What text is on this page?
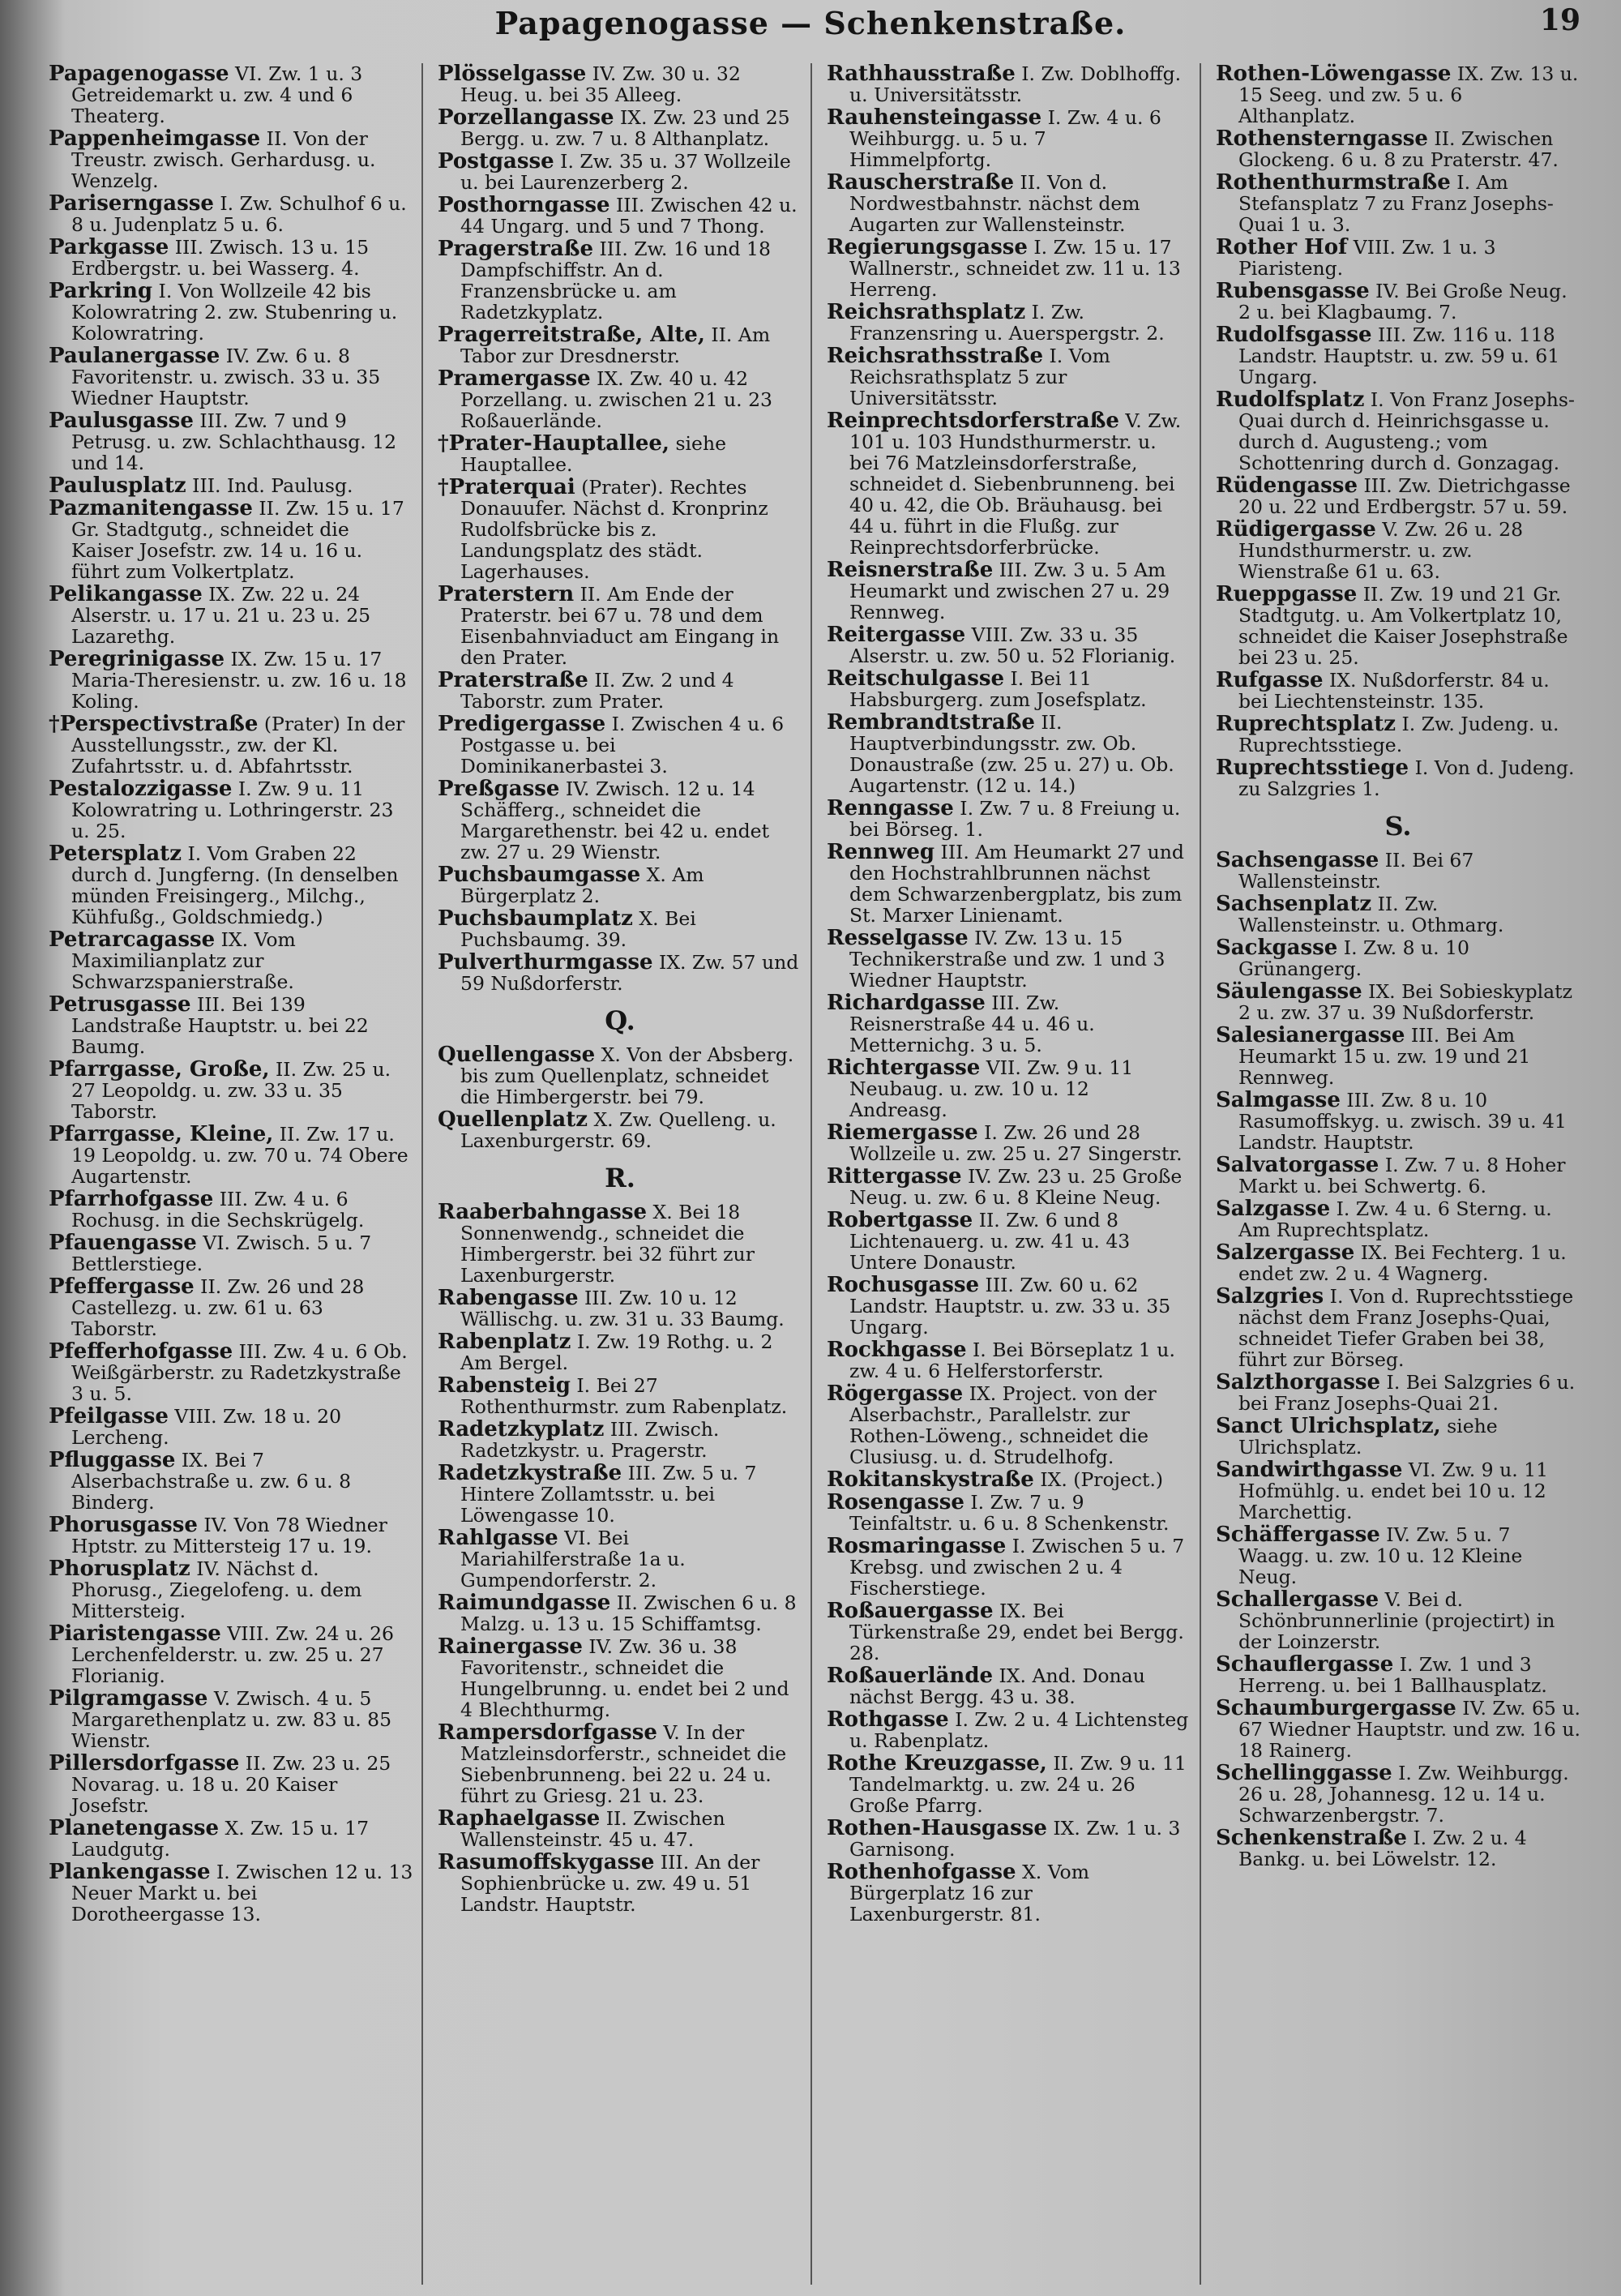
Papagenogasse — Schenkenstraße.	19
Papagenogasse VI. Zw. 1 u. 3 Getreidemarkt u. zw. 4 und 6 Theaterg.
Pappenheimgasse II. Von der Treustr. zwisch. Gerhardusg. u. Wenzelg.
Pariserngasse I. Zw. Schulhof 6 u. 8 u. Judenplatz 5 u. 6.
Parkgasse III. Zwisch. 13 u. 15 Erdbergstr. u. bei Wasserg. 4.
Parkring I. Von Wollzeile 42 bis Kolowratring 2. zw. Stubenring u. Kolowratring.
Paulanergasse IV. Zw. 6 u. 8 Favoritenstr. u. zwisch. 33 u. 35 Wiedner Hauptstr.
Paulusgasse III. Zw. 7 und 9 Petrusg. u. zw. Schlachthausg. 12 und 14.
Paulusplatz III. Ind. Paulusg.
Pazmanitengasse II. Zw. 15 u. 17 Gr. Stadtgutg., schneidet die Kaiser Josefstr. zw. 14 u. 16 u. führt zum Volkertplatz.
Pelikangasse IX. Zw. 22 u. 24 Alserstr. u. 17 u. 21 u. 23 u. 25 Lazarethg.
Peregrinigasse IX. Zw. 15 u. 17 Maria-Theresienstr. u. zw. 16 u. 18 Koling.
†Perspectivstraße (Prater) In der Ausstellungsstr., zw. der Kl. Zufahrtsstr. u. d. Abfahrtsstr.
Pestalozzigasse I. Zw. 9 u. 11 Kolowratring u. Lothringerstr. 23 u. 25.
Petersplatz I. Vom Graben 22 durch d. Jungferng. (In denselben münden Freisingerg., Milchg., Kühfußg., Goldschmiedg.)
Petrarcagasse IX. Vom Maximilianplatz zur Schwarzspanierstraße.
Petrusgasse III. Bei 139 Landstraße Hauptstr. u. bei 22 Baumg.
Pfarrgasse, Große, II. Zw. 25 u. 27 Leopoldg. u. zw. 33 u. 35 Taborstr.
Pfarrgasse, Kleine, II. Zw. 17 u. 19 Leopoldg. u. zw. 70 u. 74 Obere Augartenstr.
Pfarrhofgasse III. Zw. 4 u. 6 Rochusg. in die Sechskrügelg.
Pfauengasse VI. Zwisch. 5 u. 7 Bettlerstiege.
Pfeffergasse II. Zw. 26 und 28 Castellezg. u. zw. 61 u. 63 Taborstr.
Pfefferhofgasse III. Zw. 4 u. 6 Ob. Weißgärberstr. zu Radetzkystraße 3 u. 5.
Pfeilgasse VIII. Zw. 18 u. 20 Lercheng.
Pfluggasse IX. Bei 7 Alserbachstraße u. zw. 6 u. 8 Binderg.
Phorusgasse IV. Von 78 Wiedner Hptstr. zu Mittersteig 17 u. 19.
Phorusplatz IV. Nächst d. Phorusg., Ziegelofeng. u. dem Mittersteig.
Piaristengasse VIII. Zw. 24 u. 26 Lerchenfelderstr. u. zw. 25 u. 27 Florianig.
Pilgramgasse V. Zwisch. 4 u. 5 Margarethenplatz u. zw. 83 u. 85 Wienstr.
Pillersdorfgasse II. Zw. 23 u. 25 Novarag. u. 18 u. 20 Kaiser Josefstr.
Planetengasse X. Zw. 15 u. 17 Laudgutg.
Plankengasse I. Zwischen 12 u. 13 Neuer Markt u. bei Dorotheergasse 13.
Plösselgasse IV. Zw. 30 u. 32 Heug. u. bei 35 Alleeg.
Porzellangasse IX. Zw. 23 und 25 Bergg. u. zw. 7 u. 8 Althanplatz.
Postgasse I. Zw. 35 u. 37 Wollzeile u. bei Laurenzerberg 2.
Posthorngasse III. Zwischen 42 u. 44 Ungarg. und 5 und 7 Thong.
Pragerstraße III. Zw. 16 und 18 Dampfschiffstr. An d. Franzensbrücke u. am Radetzkyplatz.
Pragerreitstraße, Alte, II. Am Tabor zur Dresdnerstr.
Pramergasse IX. Zw. 40 u. 42 Porzellang. u. zwischen 21 u. 23 Roßauerlände.
†Prater-Hauptallee, siehe Hauptallee.
†Praterquai (Prater). Rechtes Donauufer. Nächst d. Kronprinz Rudolfsbrücke bis z. Landungsplatz des städt. Lagerhauses.
Praterstern II. Am Ende der Praterstr. bei 67 u. 78 und dem Eisenbahnviaduct am Eingang in den Prater.
Praterstraße II. Zw. 2 und 4 Taborstr. zum Prater.
Predigergasse I. Zwischen 4 u. 6 Postgasse u. bei Dominikanerbastei 3.
Preßgasse IV. Zwisch. 12 u. 14 Schäfferg., schneidet die Margarethenstr. bei 42 u. endet zw. 27 u. 29 Wienstr.
Puchsbaumgasse X. Am Bürgerplatz 2.
Puchsbaumplatz X. Bei Puchsbaumg. 39.
Pulverthurmgasse IX. Zw. 57 und 59 Nußdorferstr.
Q.
Quellengasse X. Von der Absberg. bis zum Quellenplatz, schneidet die Himbergerstr. bei 79.
Quellenplatz X. Zw. Quelleng. u. Laxenburgerstr. 69.
R.
Raaberbahngasse X. Bei 18 Sonnenwendg., schneidet die Himbergerstr. bei 32 führt zur Laxenburgerstr.
Rabengasse III. Zw. 10 u. 12 Wällischg. u. zw. 31 u. 33 Baumg.
Rabenplatz I. Zw. 19 Rothg. u. 2 Am Bergel.
Rabensteig I. Bei 27 Rothenthurmstr. zum Rabenplatz.
Radetzkyplatz III. Zwisch. Radetzkystr. u. Pragerstr.
Radetzkystraße III. Zw. 5 u. 7 Hintere Zollamtsstr. u. bei Löwengasse 10.
Rahlgasse VI. Bei Mariahilferstraße 1a u. Gumpendorferstr. 2.
Raimundgasse II. Zwischen 6 u. 8 Malzg. u. 13 u. 15 Schiffamtsg.
Rainergasse IV. Zw. 36 u. 38 Favoritenstr., schneidet die Hungelbrunng. u. endet bei 2 und 4 Blechthurmg.
Rampersdorfgasse V. In der Matzleinsdorferstr., schneidet die Siebenbrunneng. bei 22 u. 24 u. führt zu Griesg. 21 u. 23.
Raphaelgasse II. Zwischen Wallensteinstr. 45 u. 47.
Rasumoffskygasse III. An der Sophienbrücke u. zw. 49 u. 51 Landstr. Hauptstr.
Rathhausstraße I. Zw. Doblhoffg. u. Universitätsstr.
Rauhensteingasse I. Zw. 4 u. 6 Weihburgg. u. 5 u. 7 Himmelpfortg.
Rauscherstraße II. Von d. Nordwestbahnstr. nächst dem Augarten zur Wallensteinstr.
Regierungsgasse I. Zw. 15 u. 17 Wallnerstr., schneidet zw. 11 u. 13 Herreng.
Reichsrathsplatz I. Zw. Franzensring u. Auerspergstr. 2.
Reichsrathsstraße I. Vom Reichsrathsplatz 5 zur Universitätsstr.
Reinprechtsdorferstraße V. Zw. 101 u. 103 Hundsthurmerstr. u. bei 76 Matzleinsdorferstraße, schneidet d. Siebenbrunneng. bei 40 u. 42, die Ob. Bräuhausg. bei 44 u. führt in die Flußg. zur Reinprechtsdorferbrücke.
Reisnerstraße III. Zw. 3 u. 5 Am Heumarkt und zwischen 27 u. 29 Rennweg.
Reitergasse VIII. Zw. 33 u. 35 Alserstr. u. zw. 50 u. 52 Florianig.
Reitschulgasse I. Bei 11 Habsburgerg. zum Josefsplatz.
Rembrandtstraße II. Hauptverbindungsstr. zw. Ob. Donaustraße (zw. 25 u. 27) u. Ob. Augartenstr. (12 u. 14.)
Renngasse I. Zw. 7 u. 8 Freiung u. bei Börseg. 1.
Rennweg III. Am Heumarkt 27 und den Hochstrahlbrunnen nächst dem Schwarzenbergplatz, bis zum St. Marxer Linienamt.
Resselgasse IV. Zw. 13 u. 15 Technikerstraße und zw. 1 und 3 Wiedner Hauptstr.
Richardgasse III. Zw. Reisnerstraße 44 u. 46 u. Metternichg. 3 u. 5.
Richtergasse VII. Zw. 9 u. 11 Neubaug. u. zw. 10 u. 12 Andreasg.
Riemergasse I. Zw. 26 und 28 Wollzeile u. zw. 25 u. 27 Singerstr.
Rittergasse IV. Zw. 23 u. 25 Große Neug. u. zw. 6 u. 8 Kleine Neug.
Robertgasse II. Zw. 6 und 8 Lichtenauerg. u. zw. 41 u. 43 Untere Donaustr.
Rochusgasse III. Zw. 60 u. 62 Landstr. Hauptstr. u. zw. 33 u. 35 Ungarg.
Rockhgasse I. Bei Börseplatz 1 u. zw. 4 u. 6 Helferstorferstr.
Rögergasse IX. Project. von der Alserbachstr., Parallelstr. zur Rothen-Löweng., schneidet die Clusiusg. u. d. Strudelhofg.
Rokitanskystraße IX. (Project.)
Rosengasse I. Zw. 7 u. 9 Teinfaltstr. u. 6 u. 8 Schenkenstr.
Rosmaringasse I. Zwischen 5 u. 7 Krebsg. und zwischen 2 u. 4 Fischerstiege.
Roßauergasse IX. Bei Türkenstraße 29, endet bei Bergg. 28.
Roßauerlände IX. And. Donau nächst Bergg. 43 u. 38.
Rothgasse I. Zw. 2 u. 4 Lichtensteg u. Rabenplatz.
Rothe Kreuzgasse, II. Zw. 9 u. 11 Tandelmarktg. u. zw. 24 u. 26 Große Pfarrg.
Rothen-Hausgasse IX. Zw. 1 u. 3 Garnisong.
Rothenhofgasse X. Vom Bürgerplatz 16 zur Laxenburgerstr. 81.
Rothen-Löwengasse IX. Zw. 13 u. 15 Seeg. und zw. 5 u. 6 Althanplatz.
Rothensterngasse II. Zwischen Glockeng. 6 u. 8 zu Praterstr. 47.
Rothenthurmstraße I. Am Stefansplatz 7 zu Franz Josephs-Quai 1 u. 3.
Rother Hof VIII. Zw. 1 u. 3 Piaristeng.
Rubensgasse IV. Bei Große Neug. 2 u. bei Klagbaumg. 7.
Rudolfsgasse III. Zw. 116 u. 118 Landstr. Hauptstr. u. zw. 59 u. 61 Ungarg.
Rudolfsplatz I. Von Franz Josephs-Quai durch d. Heinrichsgasse u. durch d. Augusteng.; vom Schottenring durch d. Gonzagag.
Rüdengasse III. Zw. Dietrichgasse 20 u. 22 und Erdbergstr. 57 u. 59.
Rüdigergasse V. Zw. 26 u. 28 Hundsthurmerstr. u. zw. Wienstraße 61 u. 63.
Rueppgasse II. Zw. 19 und 21 Gr. Stadtgutg. u. Am Volkertplatz 10, schneidet die Kaiser Josephstraße bei 23 u. 25.
Rufgasse IX. Nußdorferstr. 84 u. bei Liechtensteinstr. 135.
Ruprechtsplatz I. Zw. Judeng. u. Ruprechtsstiege.
Ruprechtsstiege I. Von d. Judeng. zu Salzgries 1.
S.
Sachsengasse II. Bei 67 Wallensteinstr.
Sachsenplatz II. Zw. Wallensteinstr. u. Othmarg.
Sackgasse I. Zw. 8 u. 10 Grünangerg.
Säulengasse IX. Bei Sobieskyplatz 2 u. zw. 37 u. 39 Nußdorferstr.
Salesianergasse III. Bei Am Heumarkt 15 u. zw. 19 und 21 Rennweg.
Salmgasse III. Zw. 8 u. 10 Rasumoffskyg. u. zwisch. 39 u. 41 Landstr. Hauptstr.
Salvatorgasse I. Zw. 7 u. 8 Hoher Markt u. bei Schwertg. 6.
Salzgasse I. Zw. 4 u. 6 Sterng. u. Am Ruprechtsplatz.
Salzergasse IX. Bei Fechterg. 1 u. endet zw. 2 u. 4 Wagnerg.
Salzgries I. Von d. Ruprechtsstiege nächst dem Franz Josephs-Quai, schneidet Tiefer Graben bei 38, führt zur Börseg.
Salzthorgasse I. Bei Salzgries 6 u. bei Franz Josephs-Quai 21.
Sanct Ulrichsplatz, siehe Ulrichsplatz.
Sandwirthgasse VI. Zw. 9 u. 11 Hofmühlg. u. endet bei 10 u. 12 Marchettig.
Schäffergasse IV. Zw. 5 u. 7 Waagg. u. zw. 10 u. 12 Kleine Neug.
Schallergasse V. Bei d. Schönbrunnerlinie (projectirt) in der Loinzerstr.
Schauflergasse I. Zw. 1 und 3 Herreng. u. bei 1 Ballhausplatz.
Schaumburgergasse IV. Zw. 65 u. 67 Wiedner Hauptstr. und zw. 16 u. 18 Rainerg.
Schellinggasse I. Zw. Weihburgg. 26 u. 28, Johannesg. 12 u. 14 u. Schwarzenbergstr. 7.
Schenkenstraße I. Zw. 2 u. 4 Bankg. u. bei Löwelstr. 12.
